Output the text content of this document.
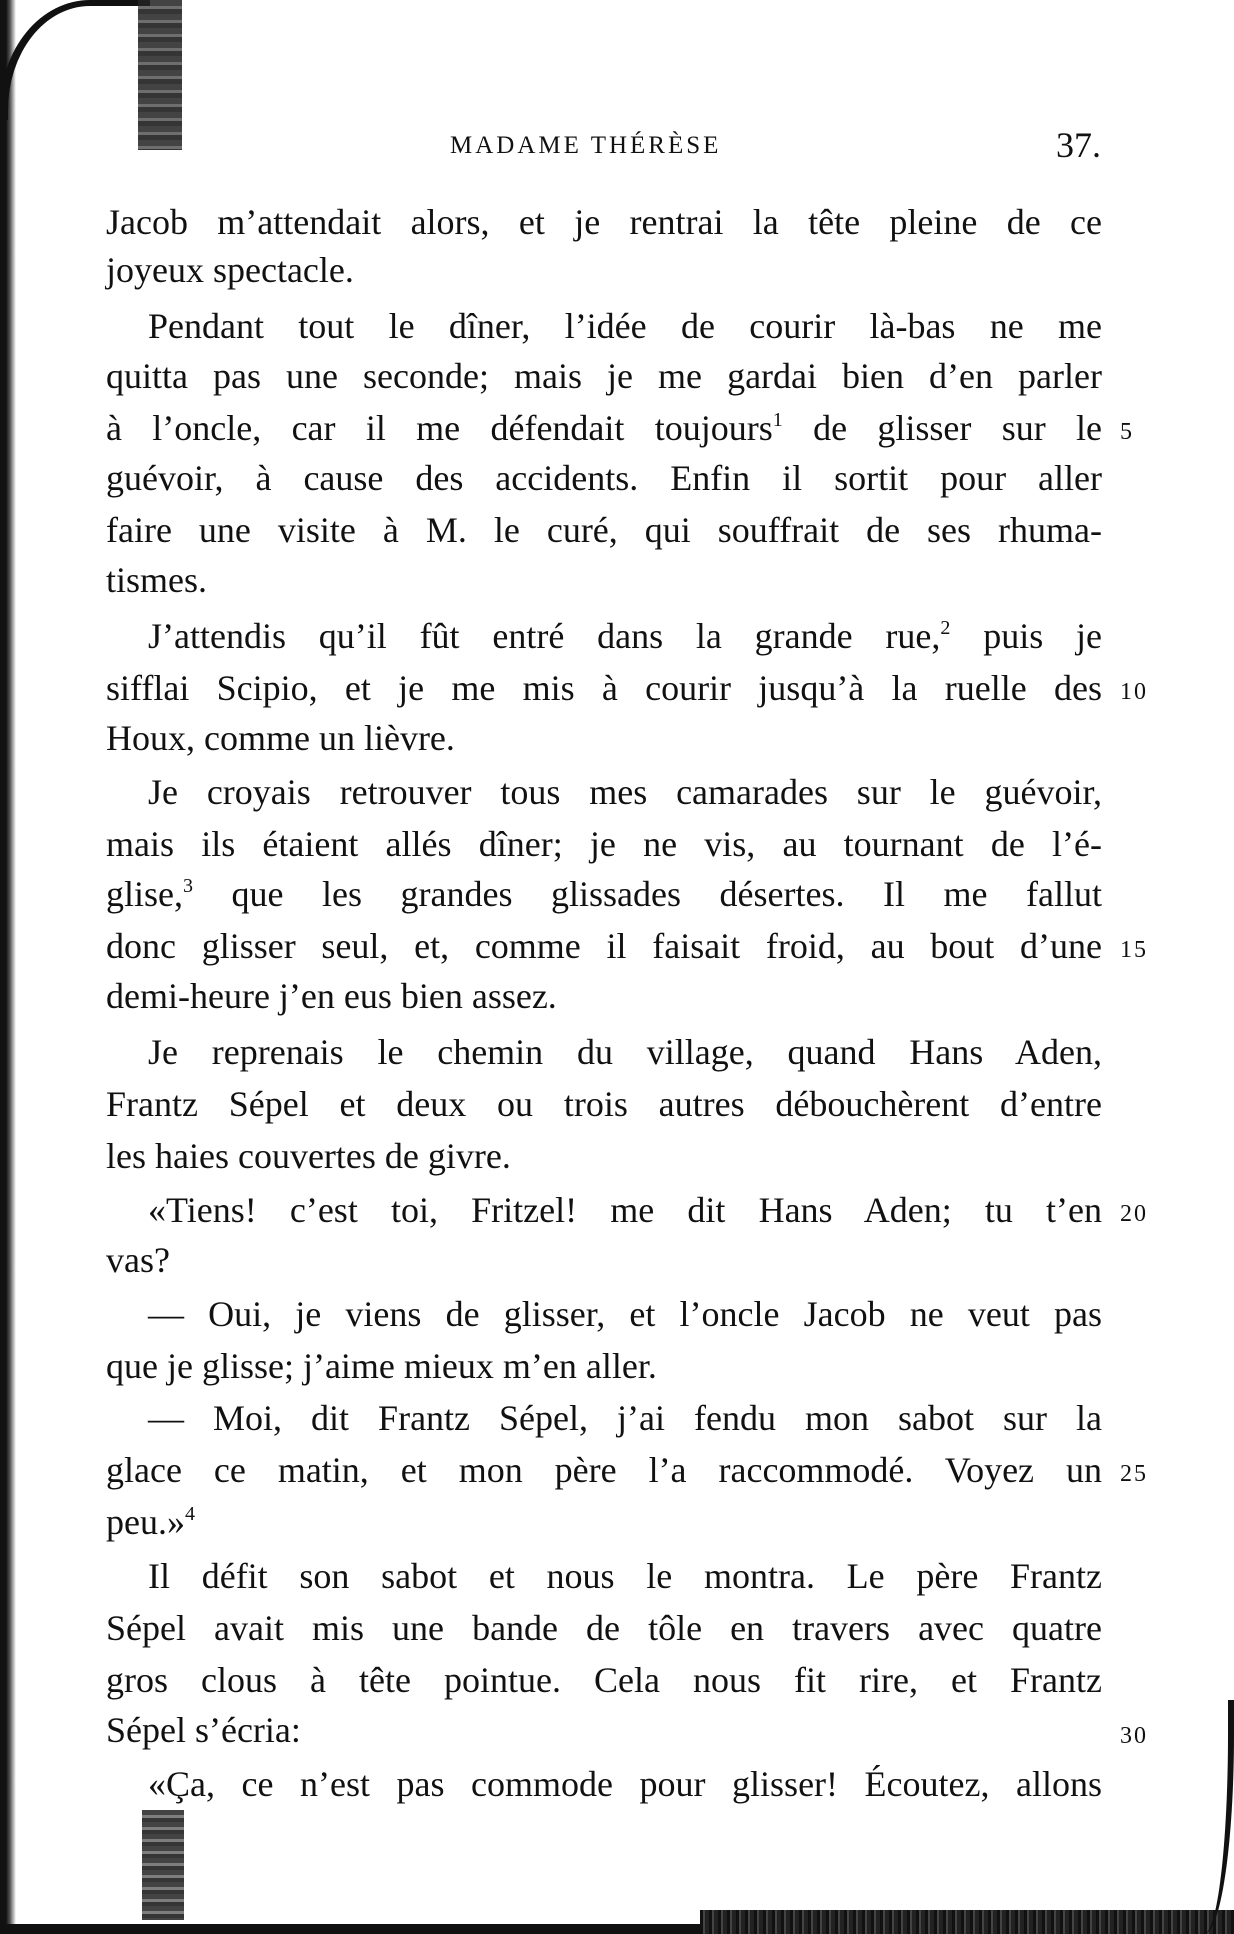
MADAME THÉRÈSE	37.
Jacob m’attendait alors, et je rentrai la tête pleine de ce
joyeux spectacle.
Pendant tout le dîner, l’idée de courir là-bas ne me
quitta pas une seconde; mais je me gardai bien d’en parler
à l’oncle, car il me défendait toujours$^1$ de glisser sur le 5
guévoir, à cause des accidents. Enfin il sortit pour aller
faire une visite à M. le curé, qui souffrait de ses rhuma-
tismes.
J’attendis qu’il fût entré dans la grande rue,$^2$ puis je
sifflai Scipio, et je me mis à courir jusqu’à la ruelle des 10
Houx, comme un lièvre.
Je croyais retrouver tous mes camarades sur le guévoir,
mais ils étaient allés dîner; je ne vis, au tournant de l’é-
glise,$^3$ que les grandes glissades désertes. Il me fallut
donc glisser seul, et, comme il faisait froid, au bout d’une 15
demi-heure j’en eus bien assez.
Je reprenais le chemin du village, quand Hans Aden,
Frantz Sépel et deux ou trois autres débouchèrent d’entre
les haies couvertes de givre.
«Tiens! c’est toi, Fritzel! me dit Hans Aden; tu t’en 20
vas?
— Oui, je viens de glisser, et l’oncle Jacob ne veut pas
que je glisse; j’aime mieux m’en aller.
— Moi, dit Frantz Sépel, j’ai fendu mon sabot sur la
glace ce matin, et mon père l’a raccommodé. Voyez un 25
peu.»$^4$
Il défit son sabot et nous le montra. Le père Frantz
Sépel avait mis une bande de tôle en travers avec quatre
gros clous à tête pointue. Cela nous fit rire, et Frantz
Sépel s’écria:	30
«Ça, ce n’est pas commode pour glisser! Écoutez, allons
